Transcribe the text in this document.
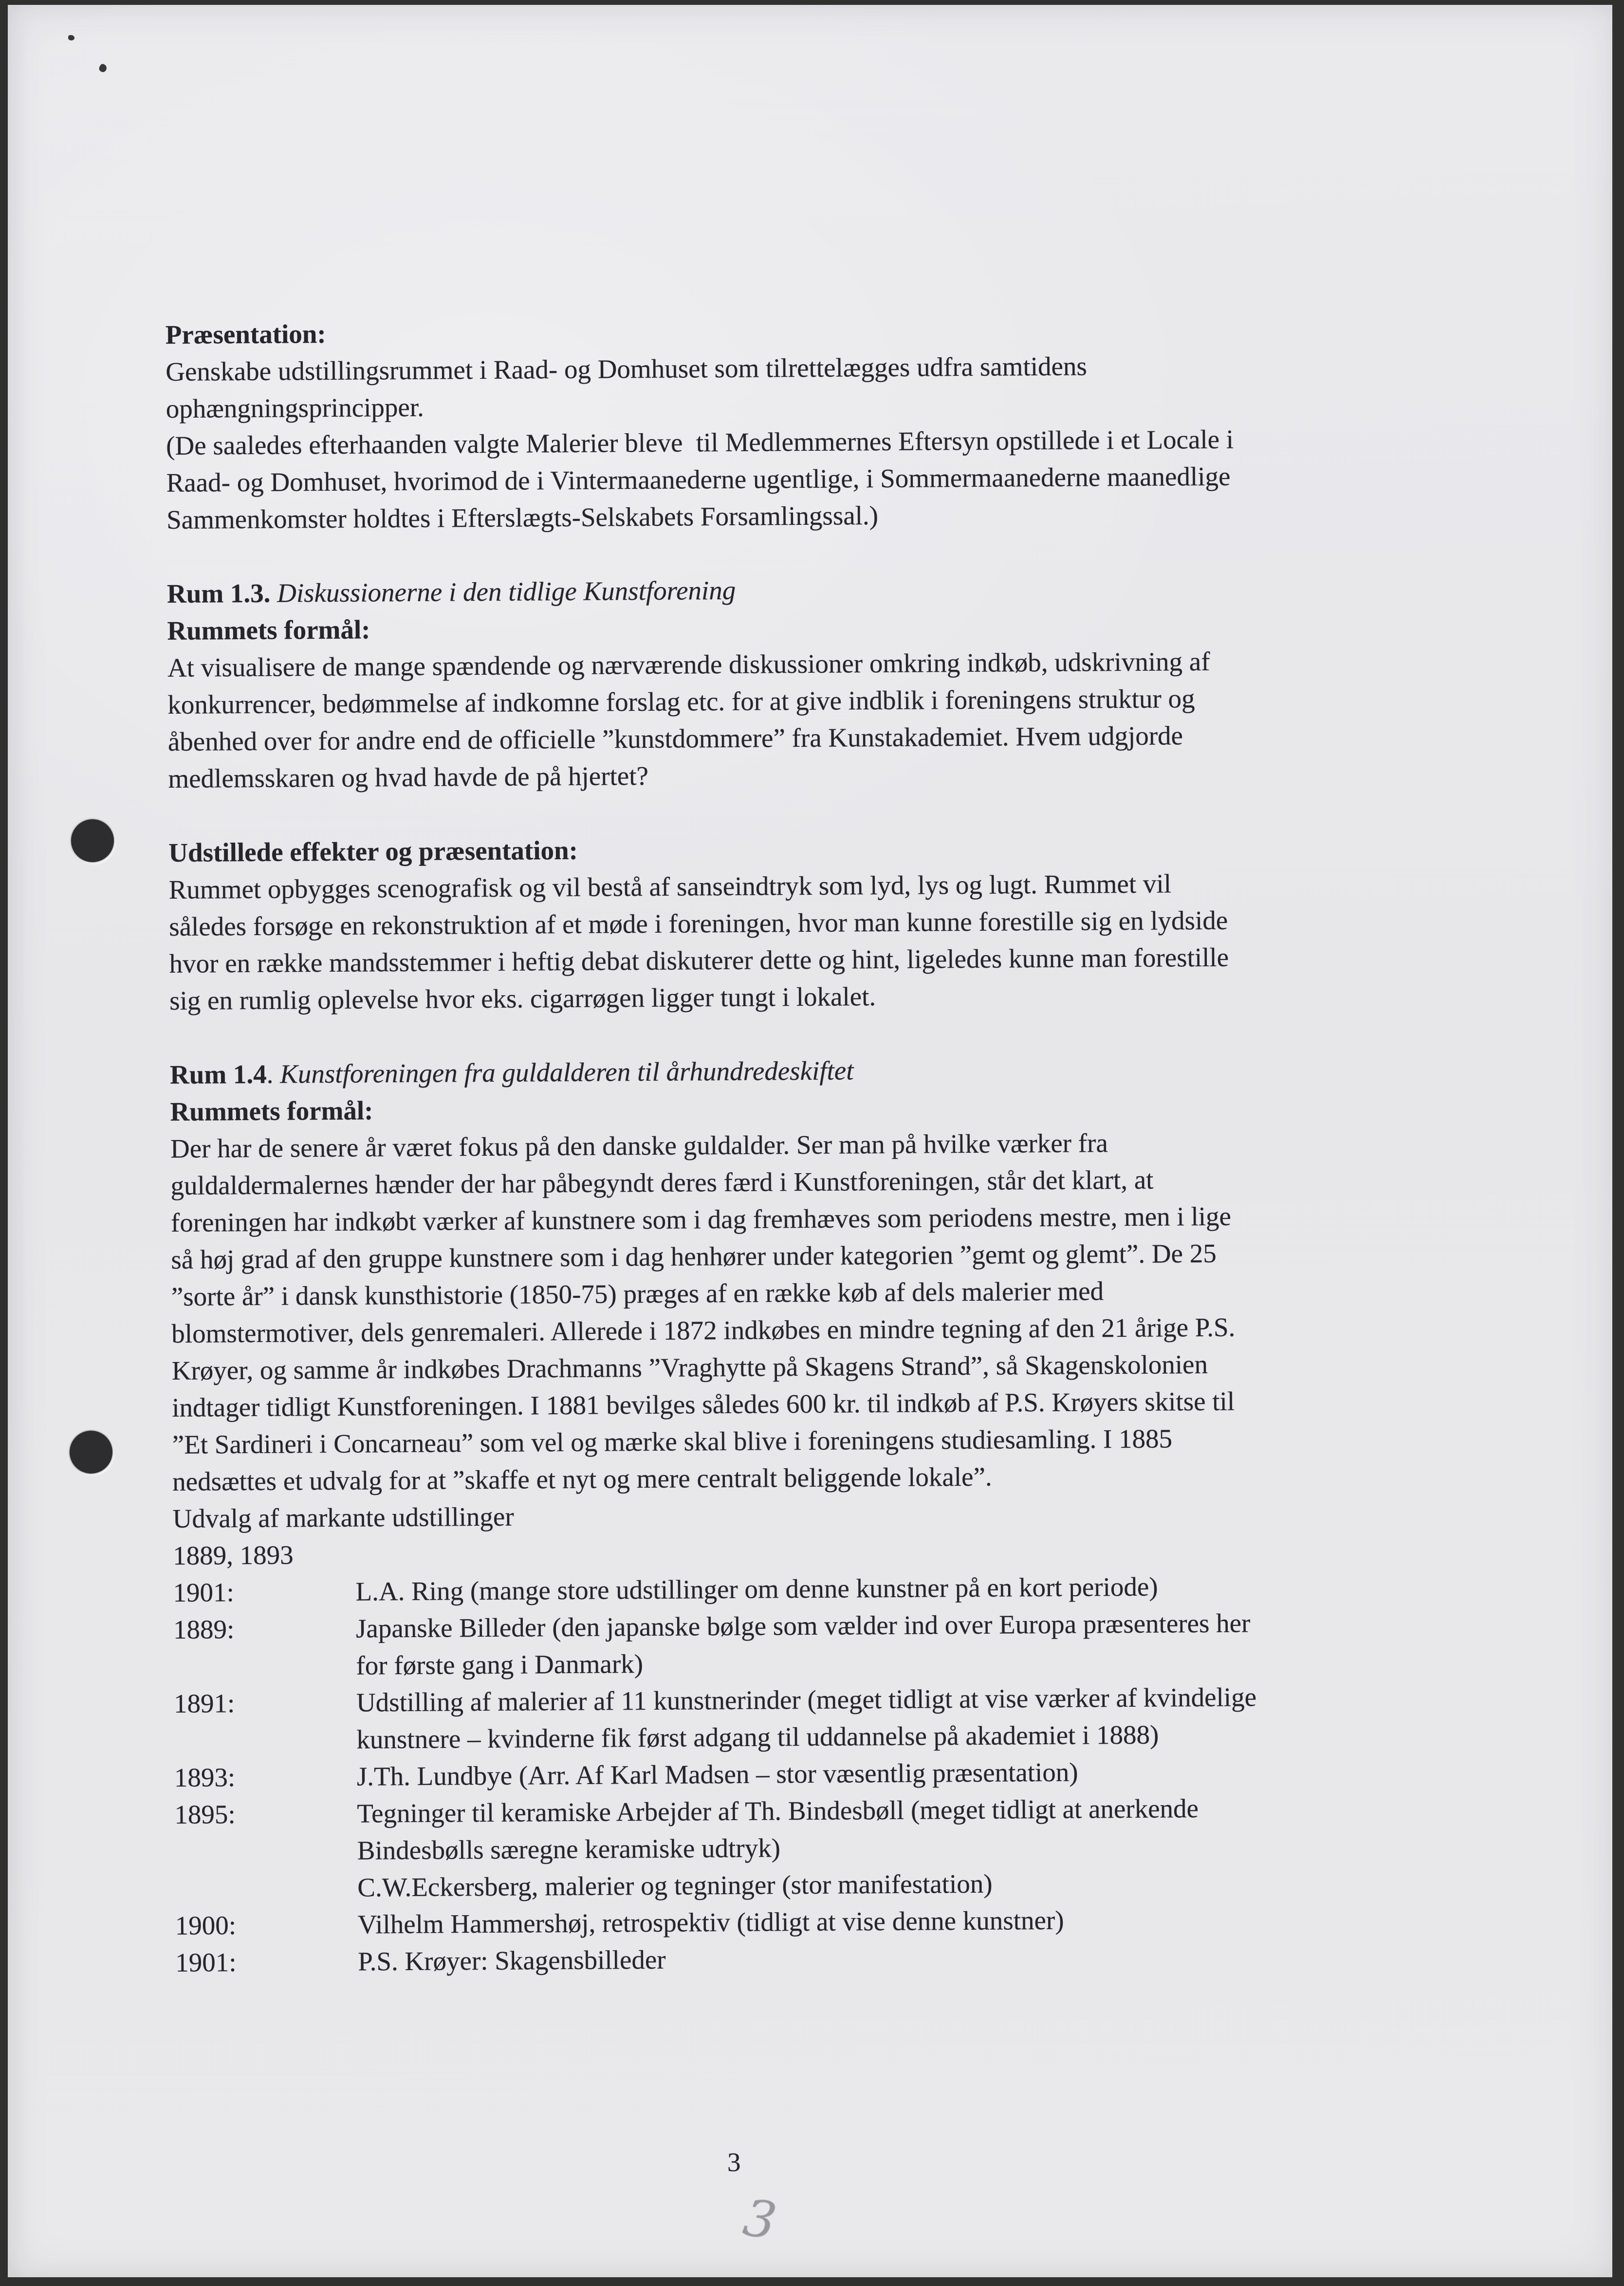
Præsentation:
Genskabe udstillingsrummet i Raad- og Domhuset som tilrettelægges udfra samtidens
ophængningsprincipper.
(De saaledes efterhaanden valgte Malerier bleve  til Medlemmernes Eftersyn opstillede i et Locale i
Raad- og Domhuset, hvorimod de i Vintermaanederne ugentlige, i Sommermaanederne maanedlige
Sammenkomster holdtes i Efterslægts-Selskabets Forsamlingssal.)
Rum 1.3. Diskussionerne i den tidlige Kunstforening
Rummets formål:
At visualisere de mange spændende og nærværende diskussioner omkring indkøb, udskrivning af
konkurrencer, bedømmelse af indkomne forslag etc. for at give indblik i foreningens struktur og
åbenhed over for andre end de officielle ”kunstdommere” fra Kunstakademiet. Hvem udgjorde
medlemsskaren og hvad havde de på hjertet?
Udstillede effekter og præsentation:
Rummet opbygges scenografisk og vil bestå af sanseindtryk som lyd, lys og lugt. Rummet vil
således forsøge en rekonstruktion af et møde i foreningen, hvor man kunne forestille sig en lydside
hvor en række mandsstemmer i heftig debat diskuterer dette og hint, ligeledes kunne man forestille
sig en rumlig oplevelse hvor eks. cigarrøgen ligger tungt i lokalet.
Rum 1.4. Kunstforeningen fra guldalderen til århundredeskiftet
Rummets formål:
Der har de senere år været fokus på den danske guldalder. Ser man på hvilke værker fra
guldaldermalernes hænder der har påbegyndt deres færd i Kunstforeningen, står det klart, at
foreningen har indkøbt værker af kunstnere som i dag fremhæves som periodens mestre, men i lige
så høj grad af den gruppe kunstnere som i dag henhører under kategorien ”gemt og glemt”. De 25
”sorte år” i dansk kunsthistorie (1850-75) præges af en række køb af dels malerier med
blomstermotiver, dels genremaleri. Allerede i 1872 indkøbes en mindre tegning af den 21 årige P.S.
Krøyer, og samme år indkøbes Drachmanns ”Vraghytte på Skagens Strand”, så Skagenskolonien
indtager tidligt Kunstforeningen. I 1881 bevilges således 600 kr. til indkøb af P.S. Krøyers skitse til
”Et Sardineri i Concarneau” som vel og mærke skal blive i foreningens studiesamling. I 1885
nedsættes et udvalg for at ”skaffe et nyt og mere centralt beliggende lokale”.
Udvalg af markante udstillinger
1889, 1893
1901:	L.A. Ring (mange store udstillinger om denne kunstner på en kort periode)
1889:	Japanske Billeder (den japanske bølge som vælder ind over Europa præsenteres her
for første gang i Danmark)
1891:	Udstilling af malerier af 11 kunstnerinder (meget tidligt at vise værker af kvindelige
kunstnere – kvinderne fik først adgang til uddannelse på akademiet i 1888)
1893:	J.Th. Lundbye (Arr. Af Karl Madsen – stor væsentlig præsentation)
1895:	Tegninger til keramiske Arbejder af Th. Bindesbøll (meget tidligt at anerkende
Bindesbølls særegne keramiske udtryk)
C.W.Eckersberg, malerier og tegninger (stor manifestation)
1900:	Vilhelm Hammershøj, retrospektiv (tidligt at vise denne kunstner)
1901:	P.S. Krøyer: Skagensbilleder
3
3
